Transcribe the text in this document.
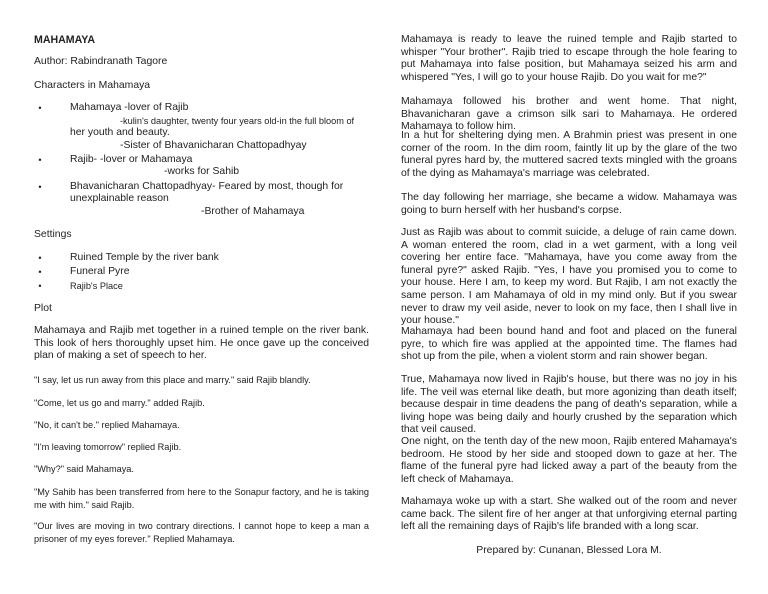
MAHAMAYA

Author: Rabindranath Tagore

Characters in Mahamaya

•	Mahamaya -lover of Rajib

-kulin's daughter, twenty four years old-in the full bloom of

her youth and beauty.

-Sister of Bhavanicharan Chattopadhyay

•	Rajib- -lover or Mahamaya

-works for Sahib

•	Bhavanicharan Chattopadhyay- Feared by most, though for

unexplainable reason

-Brother of Mahamaya

Settings

•	Ruined Temple by the river bank

•	Funeral Pyre

•	Rajib's Place

Plot

Mahamaya and Rajib met together in a ruined temple on the river bank. This look of hers thoroughly upset him. He once gave up the conceived plan of making a set of speech to her.

"I say, let us run away from this place and marry." said Rajib blandly.

"Come, let us go and marry." added Rajib.

"No, it can't be." replied Mahamaya.

"I'm leaving tomorrow" replied Rajib.

"Why?" said Mahamaya.

"My Sahib has been transferred from here to the Sonapur factory, and he is taking me with him." said Rajib.

"Our lives are moving in two contrary directions. I cannot hope to keep a man a prisoner of my eyes forever." Replied Mahamaya.

Mahamaya is ready to leave the ruined temple and Rajib started to whisper "Your brother". Rajib tried to escape through the hole fearing to put Mahamaya into false position, but Mahamaya seized his arm and whispered "Yes, I will go to your house Rajib. Do you wait for me?"

Mahamaya followed his brother and went home. That night, Bhavanicharan gave a crimson silk sari to Mahamaya. He ordered Mahamaya to follow him.

In a hut for sheltering dying men. A Brahmin priest was present in one corner of the room. In the dim room, faintly lit up by the glare of the two funeral pyres hard by, the muttered sacred texts mingled with the groans of the dying as Mahamaya's marriage was celebrated.

The day following her marriage, she became a widow. Mahamaya was going to burn herself with her husband's corpse.

Just as Rajib was about to commit suicide, a deluge of rain came down. A woman entered the room, clad in a wet garment, with a long veil covering her entire face. "Mahamaya, have you come away from the funeral pyre?" asked Rajib. "Yes, I have you promised you to come to your house. Here I am, to keep my word. But Rajib, I am not exactly the same person. I am Mahamaya of old in my mind only. But if you swear never to draw my veil aside, never to look on my face, then I shall live in your house."

Mahamaya had been bound hand and foot and placed on the funeral pyre, to which fire was applied at the appointed time. The flames had shot up from the pile, when a violent storm and rain shower began.

True, Mahamaya now lived in Rajib's house, but there was no joy in his life. The veil was eternal like death, but more agonizing than death itself; because despair in time deadens the pang of death's separation, while a living hope was being daily and hourly crushed by the separation which that veil caused.

One night, on the tenth day of the new moon, Rajib entered Mahamaya's bedroom. He stood by her side and stooped down to gaze at her. The flame of the funeral pyre had licked away a part of the beauty from the left check of Mahamaya.

Mahamaya woke up with a start. She walked out of the room and never came back. The silent fire of her anger at that unforgiving eternal parting left all the remaining days of Rajib's life branded with a long scar.

Prepared by: Cunanan, Blessed Lora M.
